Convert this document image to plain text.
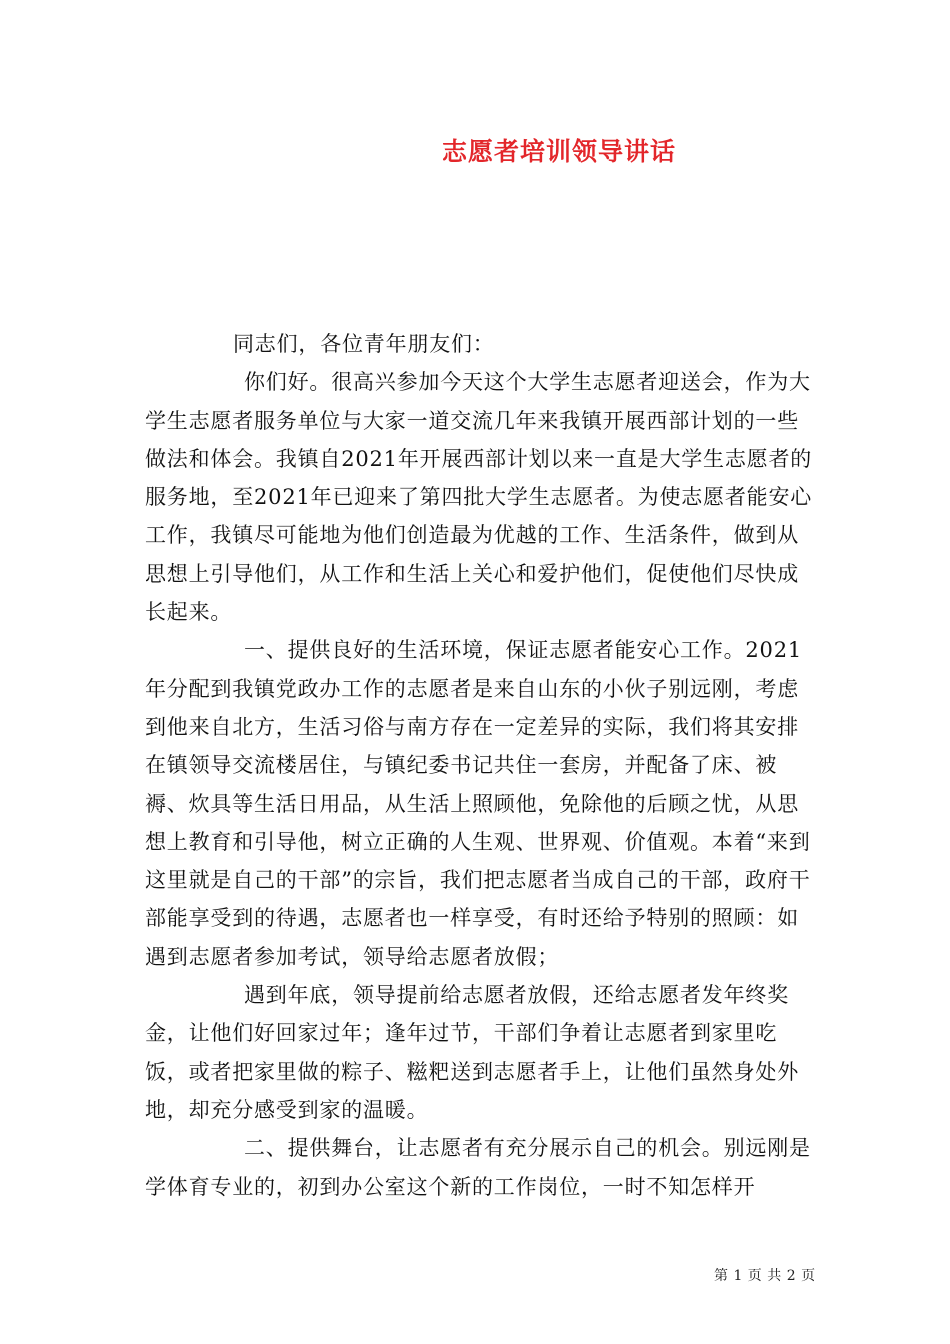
志愿者培训领导讲话

同志们，各位青年朋友们：

你们好。很高兴参加今天这个大学生志愿者迎送会，作为大学生志愿者服务单位与大家一道交流几年来我镇开展西部计划的一些做法和体会。我镇自2021年开展西部计划以来一直是大学生志愿者的服务地，至2021年已迎来了第四批大学生志愿者。为使志愿者能安心工作，我镇尽可能地为他们创造最为优越的工作、生活条件，做到从思想上引导他们，从工作和生活上关心和爱护他们，促使他们尽快成长起来。

一、提供良好的生活环境，保证志愿者能安心工作。2021年分配到我镇党政办工作的志愿者是来自山东的小伙子别远刚，考虑到他来自北方，生活习俗与南方存在一定差异的实际，我们将其安排在镇领导交流楼居住，与镇纪委书记共住一套房，并配备了床、被褥、炊具等生活日用品，从生活上照顾他，免除他的后顾之忧，从思想上教育和引导他，树立正确的人生观、世界观、价值观。本着“来到这里就是自己的干部”的宗旨，我们把志愿者当成自己的干部，政府干部能享受到的待遇，志愿者也一样享受，有时还给予特别的照顾：如遇到志愿者参加考试，领导给志愿者放假；

遇到年底，领导提前给志愿者放假，还给志愿者发年终奖金，让他们好回家过年；逢年过节，干部们争着让志愿者到家里吃饭，或者把家里做的粽子、糍粑送到志愿者手上，让他们虽然身处外地，却充分感受到家的温暖。

二、提供舞台，让志愿者有充分展示自己的机会。别远刚是学体育专业的，初到办公室这个新的工作岗位，一时不知怎样开

第 1 页 共 2 页
